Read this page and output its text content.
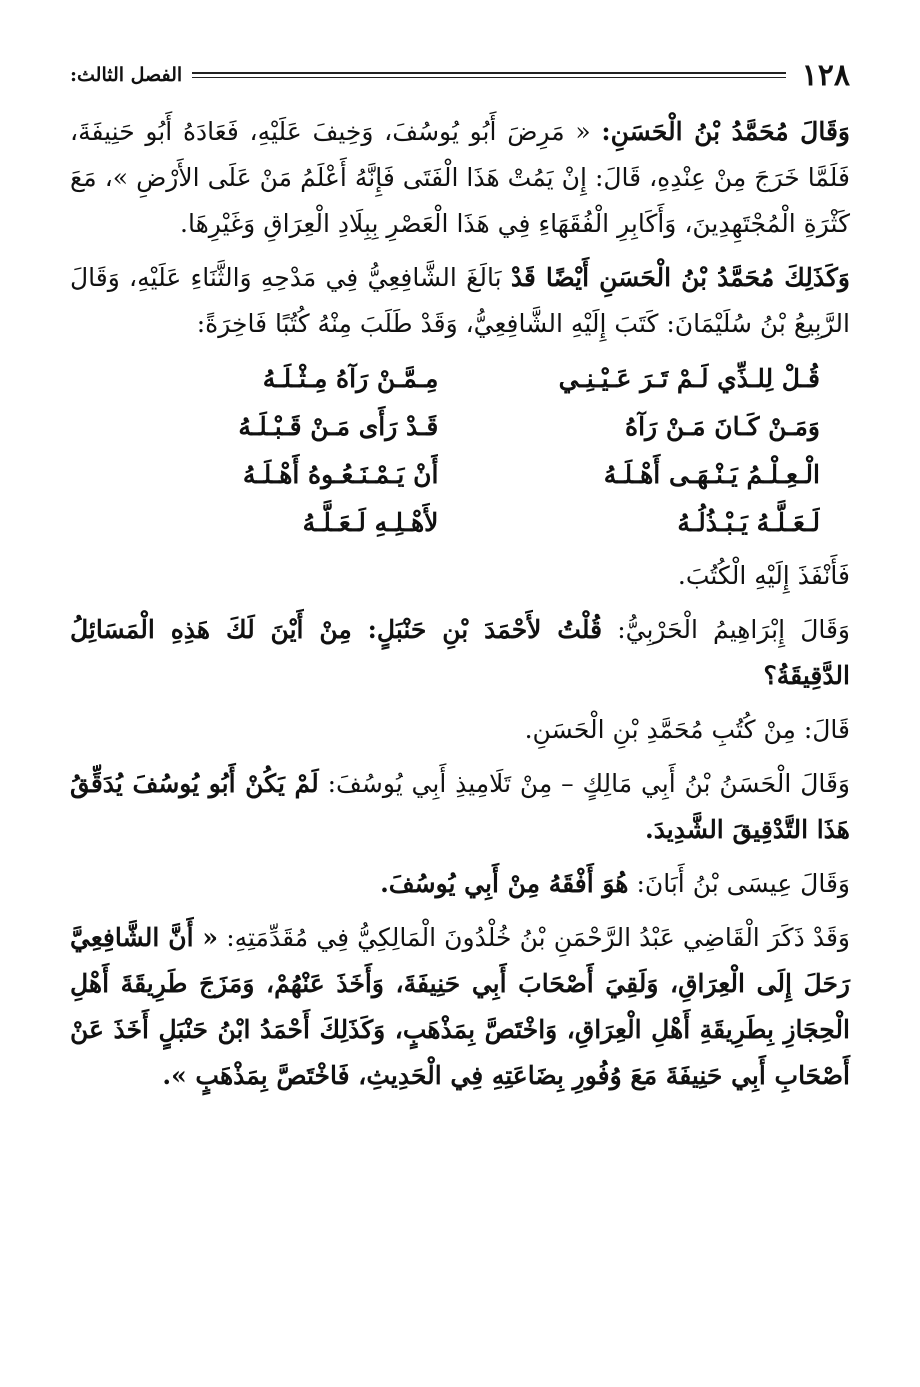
١٢٨
الفصل الثالث:

وَقَالَ مُحَمَّدُ بْنُ الْحَسَنِ: « مَرِضَ أَبُو يُوسُفَ، وَخِيفَ عَلَيْهِ، فَعَادَهُ أَبُو حَنِيفَةَ، فَلَمَّا خَرَجَ مِنْ عِنْدِهِ، قَالَ: إِنْ يَمُتْ هَذَا الْفَتَى فَإِنَّهُ أَعْلَمُ مَنْ عَلَى الأَرْضِ »، مَعَ كَثْرَةِ الْمُجْتَهِدِينَ، وَأَكَابِرِ الْفُقَهَاءِ فِي هَذَا الْعَصْرِ بِبِلَادِ الْعِرَاقِ وَغَيْرِهَا.

وَكَذَلِكَ مُحَمَّدُ بْنُ الْحَسَنِ أَيْضًا قَدْ بَالَغَ الشَّافِعِيُّ فِي مَدْحِهِ وَالثَّنَاءِ عَلَيْهِ، وَقَالَ الرَّبِيعُ بْنُ سُلَيْمَانَ: كَتَبَ إِلَيْهِ الشَّافِعِيُّ، وَقَدْ طَلَبَ مِنْهُ كُتُبًا فَاخِرَةً:

قُـلْ لِلـذِّي لَـمْ تَـرَ عَـيْـنِـي
مِـمَّـنْ رَآهُ مِـثْـلَـهُ
وَمَـنْ كَـانَ مَـنْ رَآهُ
قَـدْ رَأَى مَـنْ قَـبْـلَـهُ
الْـعِـلْـمُ يَـنْـهَـى أَهْـلَـهُ
أَنْ يَـمْـنَـعُـوهُ أَهْـلَـهُ
لَـعَـلَّـهُ يَـبْـذُلُـهُ
لأَهْـلِـهِ لَـعَـلَّـهُ

فَأَنْفَذَ إِلَيْهِ الْكُتُبَ.

وَقَالَ إِبْرَاهِيمُ الْحَرْبِيُّ: قُلْتُ لأَحْمَدَ بْنِ حَنْبَلٍ: مِنْ أَيْنَ لَكَ هَذِهِ الْمَسَائِلُ الدَّقِيقَةُ؟

قَالَ: مِنْ كُتُبِ مُحَمَّدِ بْنِ الْحَسَنِ.

وَقَالَ الْحَسَنُ بْنُ أَبِي مَالِكٍ – مِنْ تَلَامِيذِ أَبِي يُوسُفَ: لَمْ يَكُنْ أَبُو يُوسُفَ يُدَقِّقُ هَذَا التَّدْقِيقَ الشَّدِيدَ.

وَقَالَ عِيسَى بْنُ أَبَانَ: هُوَ أَفْقَهُ مِنْ أَبِي يُوسُفَ.

وَقَدْ ذَكَرَ الْقَاضِي عَبْدُ الرَّحْمَنِ بْنُ خُلْدُونَ الْمَالِكِيُّ فِي مُقَدِّمَتِهِ: « أَنَّ الشَّافِعِيَّ رَحَلَ إِلَى الْعِرَاقِ، وَلَقِيَ أَصْحَابَ أَبِي حَنِيفَةَ، وَأَخَذَ عَنْهُمْ، وَمَزَجَ طَرِيقَةَ أَهْلِ الْحِجَازِ بِطَرِيقَةِ أَهْلِ الْعِرَاقِ، وَاخْتَصَّ بِمَذْهَبٍ، وَكَذَلِكَ أَحْمَدُ ابْنُ حَنْبَلٍ أَخَذَ عَنْ أَصْحَابِ أَبِي حَنِيفَةَ مَعَ وُفُورِ بِضَاعَتِهِ فِي الْحَدِيثِ، فَاخْتَصَّ بِمَذْهَبٍ ».
